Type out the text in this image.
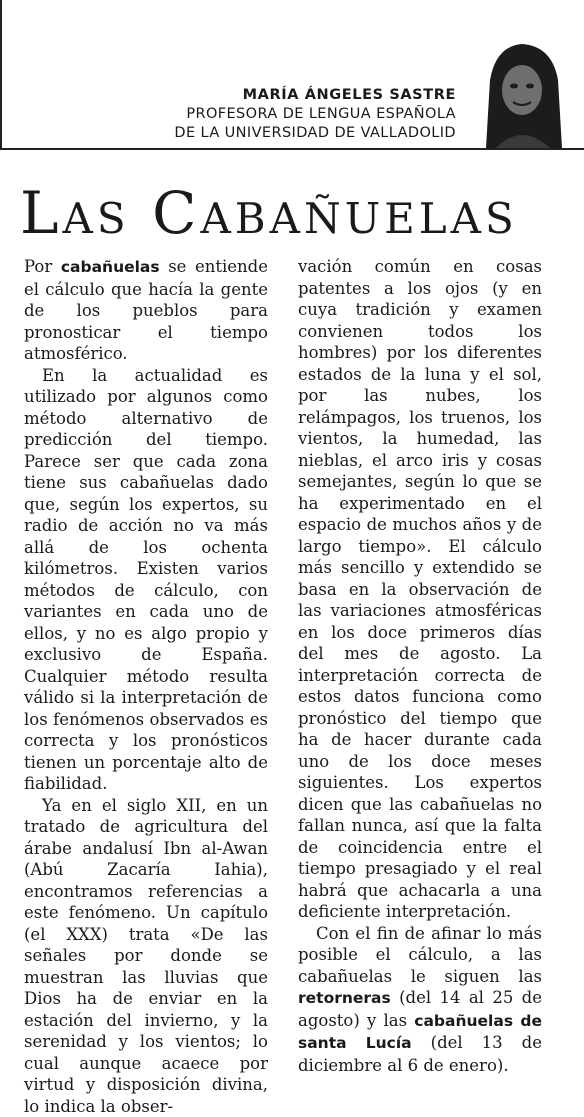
MARÍA ÁNGELES SASTRE
PROFESORA DE LENGUA ESPAÑOLA
DE LA UNIVERSIDAD DE VALLADOLID
LAS CABAÑUELAS

Por cabañuelas se entiende el cálculo que hacía la gente de los pueblos para pronosticar el tiempo atmosférico.

En la actualidad es utilizado por algunos como método alternativo de predicción del tiempo. Parece ser que cada zona tiene sus cabañuelas dado que, según los expertos, su radio de acción no va más allá de los ochenta kilómetros. Existen varios métodos de cálculo, con variantes en cada uno de ellos, y no es algo propio y exclusivo de España. Cualquier método resulta válido si la interpretación de los fenómenos observados es correcta y los pronósticos tienen un porcentaje alto de fiabilidad.

Ya en el siglo XII, en un tratado de agricultura del árabe andalusí Ibn al-Awan (Abú Zacaría Iahia), encontramos referencias a este fenómeno. Un capítulo (el XXX) trata «De las señales por donde se muestran las lluvias que Dios ha de enviar en la estación del invierno, y la serenidad y los vientos; lo cual aunque acaece por virtud y disposición divina, lo indica la obser-

vación común en cosas patentes a los ojos (y en cuya tradición y examen convienen todos los hombres) por los diferentes estados de la luna y el sol, por las nubes, los relámpagos, los truenos, los vientos, la humedad, las nieblas, el arco iris y cosas semejantes, según lo que se ha experimentado en el espacio de muchos años y de largo tiempo». El cálculo más sencillo y extendido se basa en la observación de las variaciones atmosféricas en los doce primeros días del mes de agosto. La interpretación correcta de estos datos funciona como pronóstico del tiempo que ha de hacer durante cada uno de los doce meses siguientes. Los expertos dicen que las cabañuelas no fallan nunca, así que la falta de coincidencia entre el tiempo presagiado y el real habrá que achacarla a una deficiente interpretación.

Con el fin de afinar lo más posible el cálculo, a las cabañuelas le siguen las retorneras (del 14 al 25 de agosto) y las cabañuelas de santa Lucía (del 13 de diciembre al 6 de enero).
